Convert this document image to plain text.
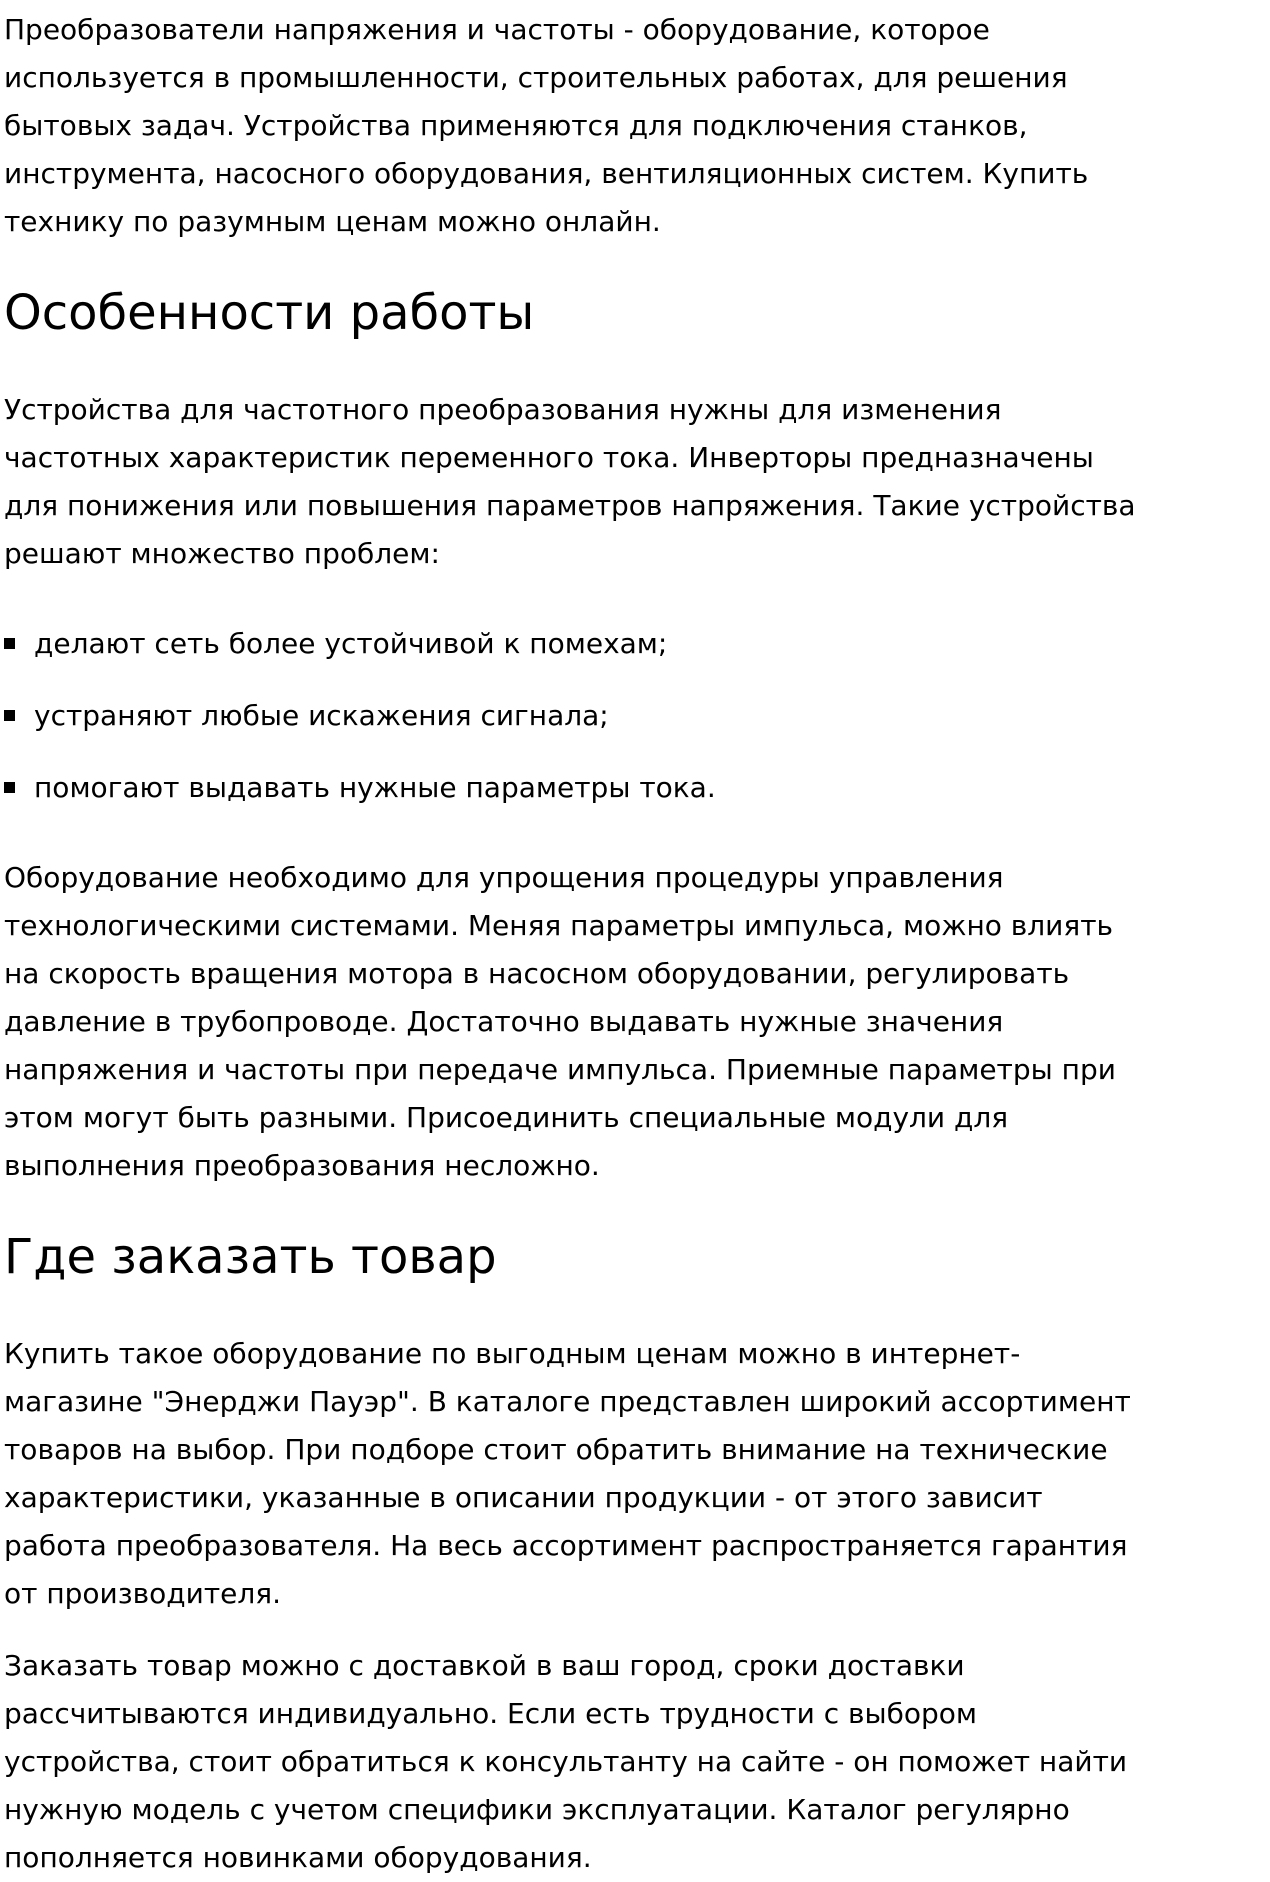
Преобразователи напряжения и частоты - оборудование, которое используется в промышленности, строительных работах, для решения бытовых задач. Устройства применяются для подключения станков, инструмента, насосного оборудования, вентиляционных систем. Купить технику по разумным ценам можно онлайн.

Особенности работы

Устройства для частотного преобразования нужны для изменения частотных характеристик переменного тока. Инверторы предназначены для понижения или повышения параметров напряжения. Такие устройства решают множество проблем:

делают сеть более устойчивой к помехам;
устраняют любые искажения сигнала;
помогают выдавать нужные параметры тока.

Оборудование необходимо для упрощения процедуры управления технологическими системами. Меняя параметры импульса, можно влиять на скорость вращения мотора в насосном оборудовании, регулировать давление в трубопроводе. Достаточно выдавать нужные значения напряжения и частоты при передаче импульса. Приемные параметры при этом могут быть разными. Присоединить специальные модули для выполнения преобразования несложно.

Где заказать товар

Купить такое оборудование по выгодным ценам можно в интернет-магазине "Энерджи Пауэр". В каталоге представлен широкий ассортимент товаров на выбор. При подборе стоит обратить внимание на технические характеристики, указанные в описании продукции - от этого зависит работа преобразователя. На весь ассортимент распространяется гарантия от производителя.

Заказать товар можно с доставкой в ваш город, сроки доставки рассчитываются индивидуально. Если есть трудности с выбором устройства, стоит обратиться к консультанту на сайте - он поможет найти нужную модель с учетом специфики эксплуатации. Каталог регулярно пополняется новинками оборудования.
